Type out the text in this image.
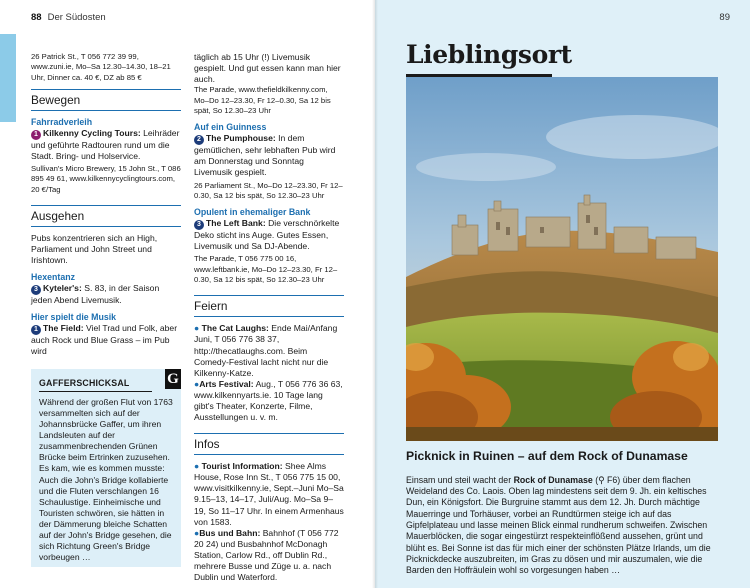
88 Der Südosten

26 Patrick St., T 056 772 39 99, www.zuni.ie, Mo–Sa 12.30–14.30, 18–21 Uhr, Dinner ca. 40 €, DZ ab 85 €

Bewegen
Fahrradverleih

1 Kilkenny Cycling Tours: Leihräder und geführte Radtouren rund um die Stadt. Bring- und Holservice.

Sullivan's Micro Brewery, 15 John St., T 086 895 49 61, www.kilkennycyclingtours.com, 20 €/Tag

Ausgehen

Pubs konzentrieren sich an High, Parliament und John Street und Irishtown.

Hexentanz

3 Kyteler's: S. 83, in der Saison jeden Abend Livemusik.

Hier spielt die Musik

1 The Field: Viel Trad und Folk, aber auch Rock und Blue Grass – im Pub wird

G
GAFFERSCHICKSAL

Während der großen Flut von 1763 versammelten sich auf der Johannsbrücke Gaffer, um ihren Landsleuten auf der zusammenbrechenden Grünen Brücke beim Ertrinken zuzusehen. Es kam, wie es kommen musste: Auch die John's Bridge kollabierte und die Fluten verschlangen 16 Schaulustige. Einheimische und Touristen schwören, sie hätten in der Dämmerung bleiche Schatten auf der John's Bridge gesehen, die sich Richtung Green's Bridge vorbeugen …

täglich ab 15 Uhr (!) Livemusik gespielt. Und gut essen kann man hier auch.

The Parade, www.thefieldkilkenny.com, Mo–Do 12–23.30, Fr 12–0.30, Sa 12 bis spät, So 12.30–23 Uhr

Auf ein Guinness

2 The Pumphouse: In dem gemütlichen, sehr lebhaften Pub wird am Donnerstag und Sonntag Livemusik gespielt.

26 Parliament St., Mo–Do 12–23.30, Fr 12–0.30, Sa 12 bis spät, So 12.30–23 Uhr

Opulent in ehemaliger Bank

3 The Left Bank: Die verschnörkelte Deko sticht ins Auge. Gutes Essen, Livemusik und Sa DJ-Abende.

The Parade, T 056 775 00 16, www.leftbank.ie, Mo–Do 12–23.30, Fr 12–0.30, Sa 12 bis spät, So 12.30–23 Uhr

Feiern

● The Cat Laughs: Ende Mai/Anfang Juni, T 056 776 38 37, http://thecatlaughs.com. Beim Comedy-Festival lacht nicht nur die Kilkenny-Katze.

●Arts Festival: Aug., T 056 776 36 63, www.kilkennyarts.ie. 10 Tage lang gibt's Theater, Konzerte, Filme, Ausstellungen u. v. m.

Infos

● Tourist Information: Shee Alms House, Rose Inn St., T 056 775 15 00, www.visitkilkenny.ie, Sept.–Juni Mo–Sa 9.15–13, 14–17, Juli/Aug. Mo–Sa 9–19, So 11–17 Uhr. In einem Armenhaus von 1583.

●Bus und Bahn: Bahnhof (T 056 772 20 24) und Busbahnhof McDonagh Station, Carlow Rd., off Dublin Rd., mehrere Busse und Züge u. a. nach Dublin und Waterford.

89
Lieblingsort
Picknick in Ruinen – auf dem Rock of Dunamase

Einsam und steil wacht der Rock of Dunamase (⚲ F6) über dem flachen Weideland des Co. Laois. Oben lag mindestens seit dem 9. Jh. ein keltisches Dun, ein Königsfort. Die Burgruine stammt aus dem 12. Jh. Durch mächtige Mauerringe und Torhäuser, vorbei an Rundtürmen steige ich auf das Gipfelplateau und lasse meinen Blick einmal rundherum schweifen. Zwischen Mauerblöcken, die sogar eingestürzt respekteinflößend aussehen, grünt und blüht es. Bei Sonne ist das für mich einer der schönsten Plätze Irlands, um die Picknickdecke auszubreiten, im Gras zu dösen und mir auszumalen, wie die Barden den Hoffräulein wohl so vorgesungen haben …
